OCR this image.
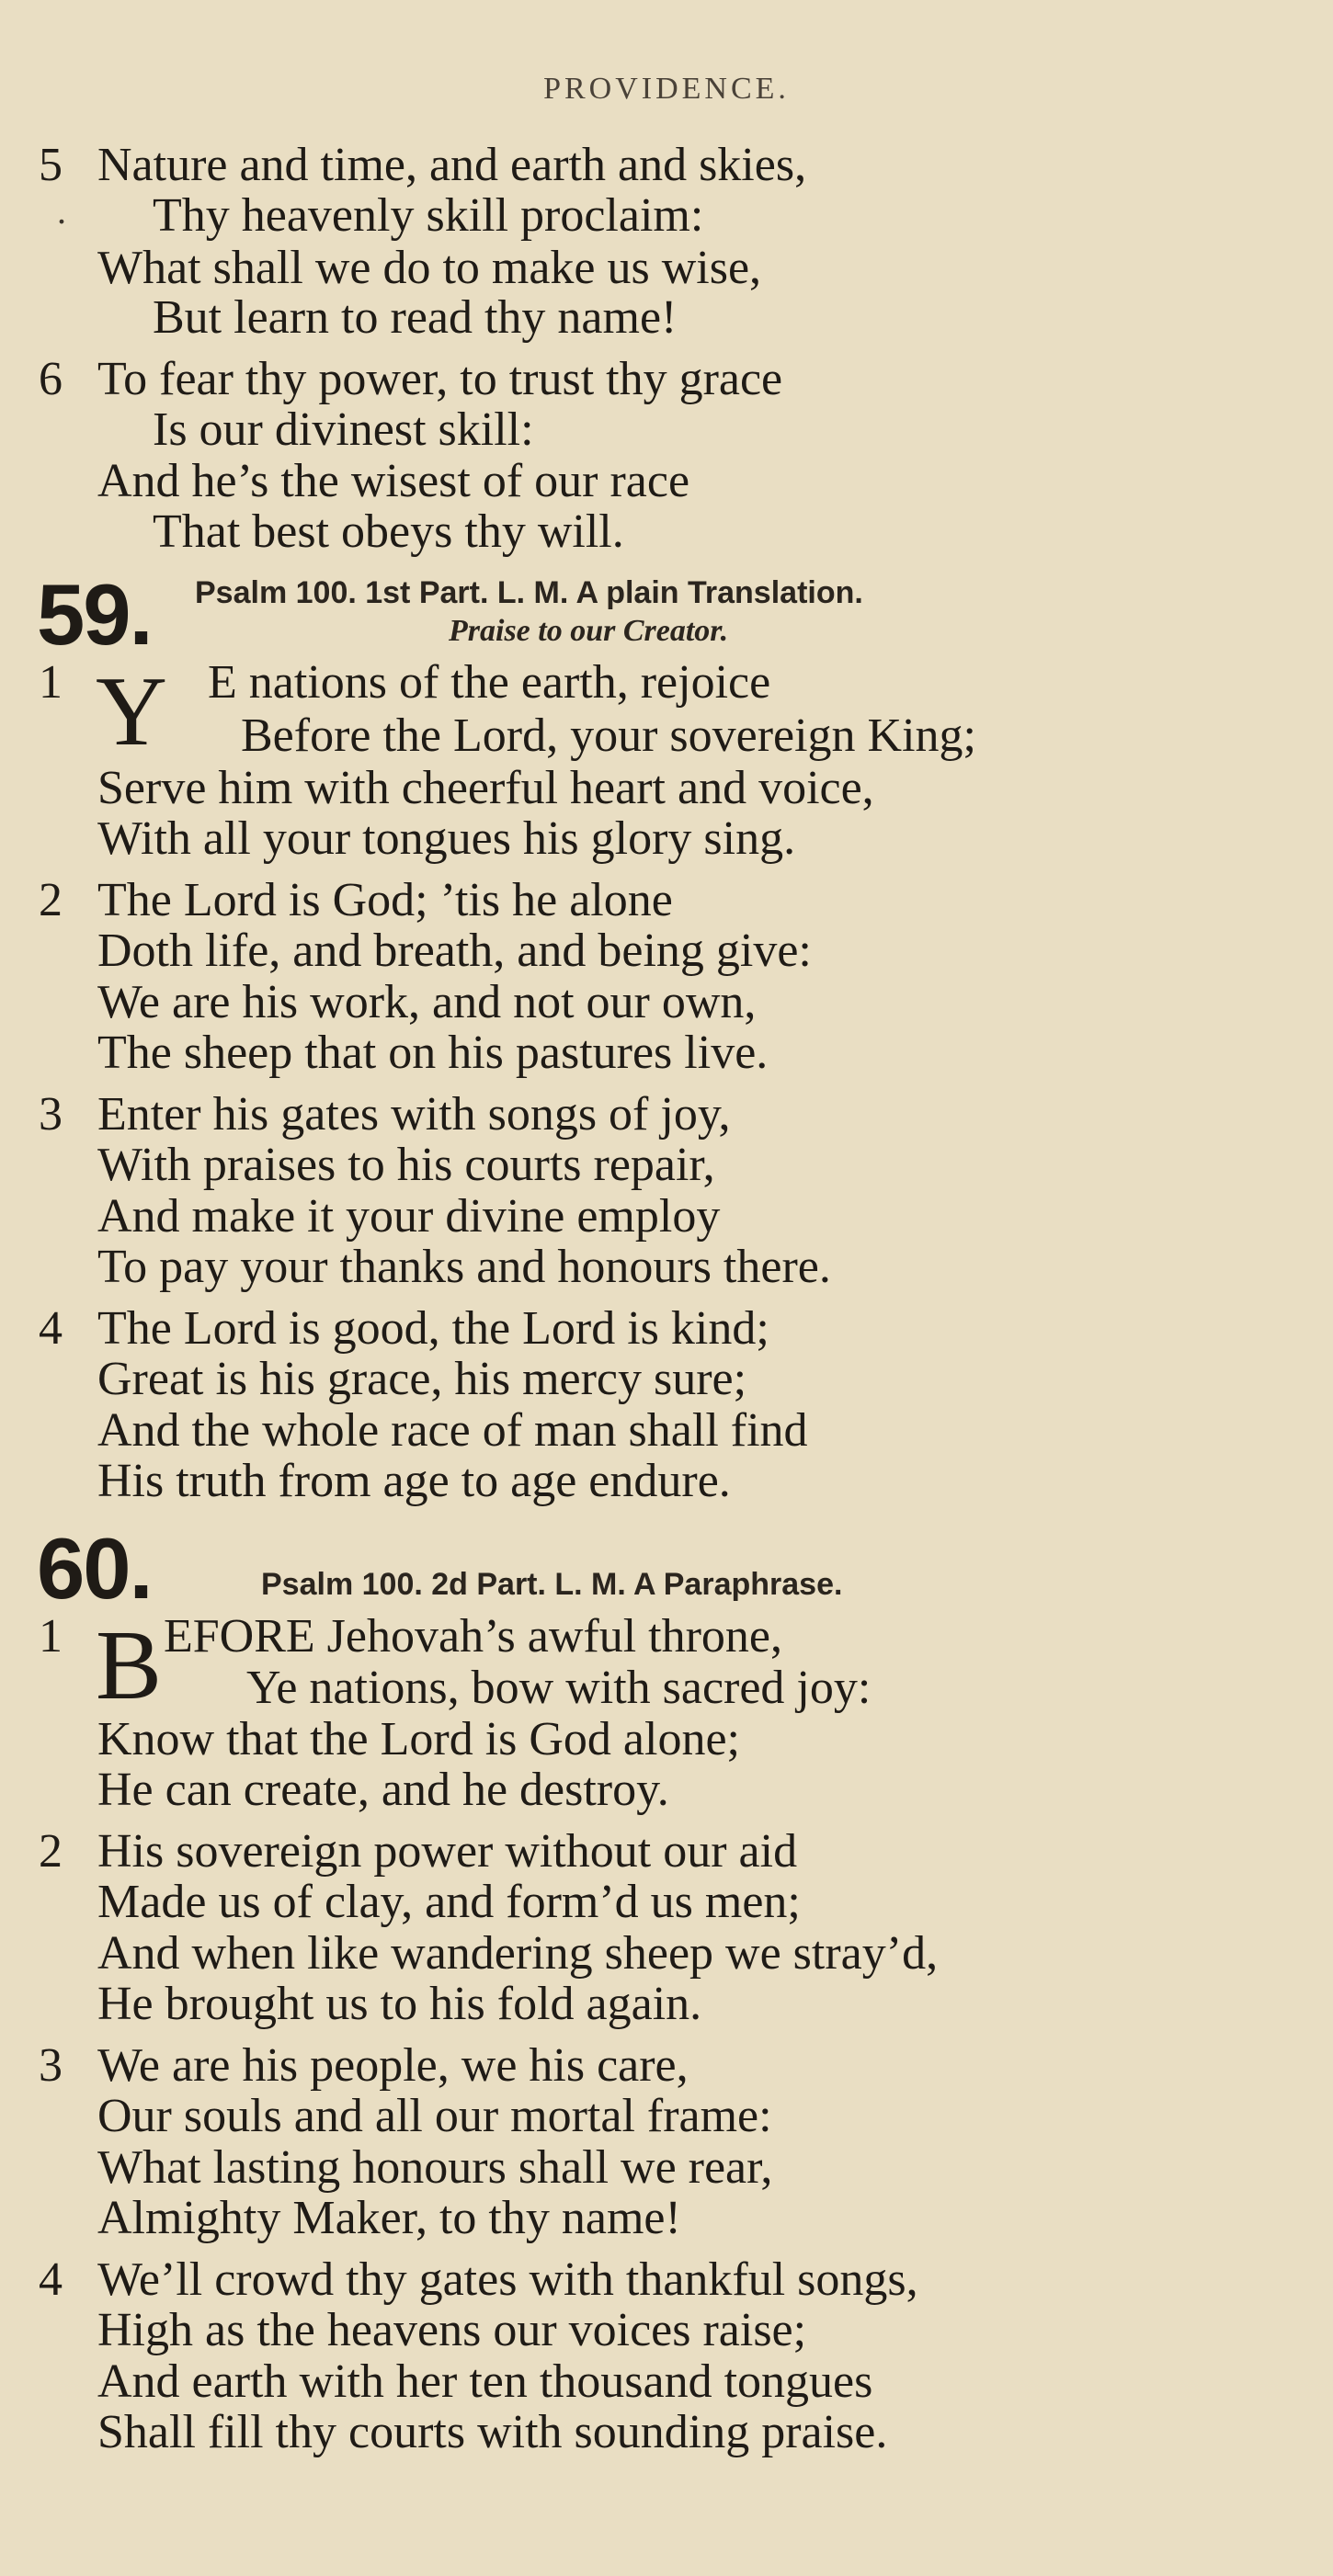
PROVIDENCE.
5 Nature and time, and earth and skies,
. Thy heavenly skill proclaim:
What shall we do to make us wise,
But learn to read thy name!
6 To fear thy power, to trust thy grace
Is our divinest skill:
And he’s the wisest of our race
That best obeys thy will.
59. Psalm 100. 1st Part. L. M. A plain Translation.
Praise to our Creator.
1 Y E nations of the earth, rejoice
Before the Lord, your sovereign King;
Serve him with cheerful heart and voice,
With all your tongues his glory sing.
2 The Lord is God; ’tis he alone
Doth life, and breath, and being give:
We are his work, and not our own,
The sheep that on his pastures live.
3 Enter his gates with songs of joy,
With praises to his courts repair,
And make it your divine employ
To pay your thanks and honours there.
4 The Lord is good, the Lord is kind;
Great is his grace, his mercy sure;
And the whole race of man shall find
His truth from age to age endure.
60.	Psalm 100. 2d Part. L. M. A Paraphrase.
1 B EFORE Jehovah’s awful throne,
Ye nations, bow with sacred joy:
Know that the Lord is God alone;
He can create, and he destroy.
2 His sovereign power without our aid
Made us of clay, and form’d us men;
And when like wandering sheep we stray’d,
He brought us to his fold again.
3 We are his people, we his care,
Our souls and all our mortal frame:
What lasting honours shall we rear,
Almighty Maker, to thy name!
4 We’ll crowd thy gates with thankful songs,
High as the heavens our voices raise;
And earth with her ten thousand tongues
Shall fill thy courts with sounding praise.
